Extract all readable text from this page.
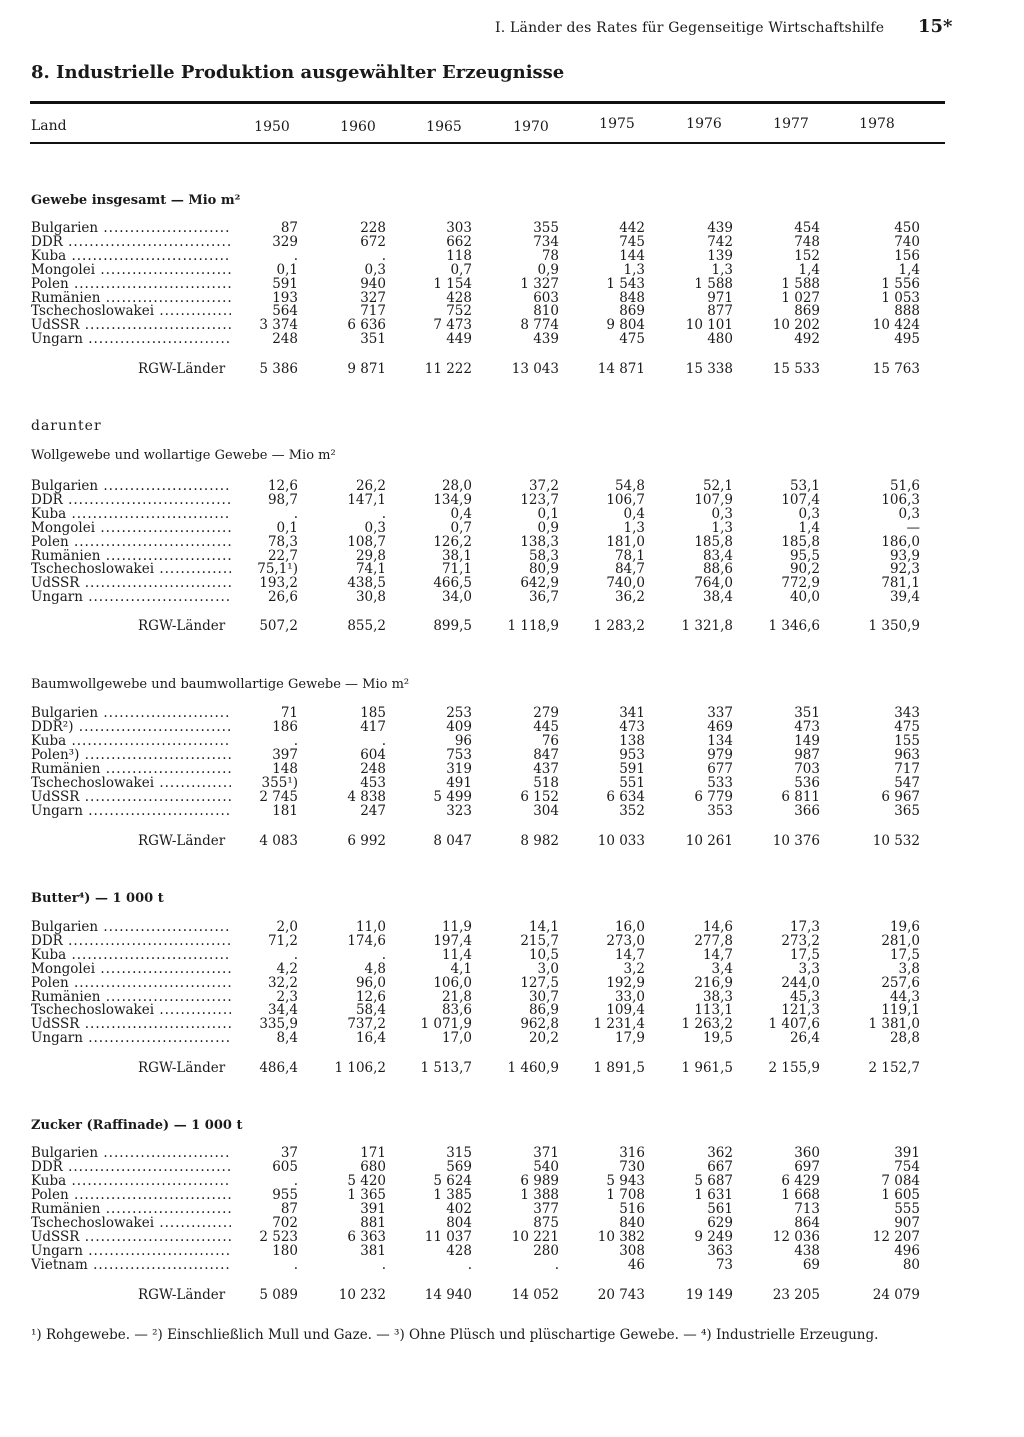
I. Länder des Rates für Gegenseitige Wirtschaftshilfe 15*
8. Industrielle Produktion ausgewählter Erzeugnisse
Land	1950	1960	1965	1970	1975	1976	1977	1978
Gewebe insgesamt — Mio m²
Bulgarien .....	87	228	303	355	442	439	454	450
DDR .....	329	672	662	734	745	742	748	740
Kuba .....	.	.	118	78	144	139	152	156
Mongolei .....	0,1	0,3	0,7	0,9	1,3	1,3	1,4	1,4
Polen .....	591	940	1 154	1 327	1 543	1 588	1 588	1 556
Rumänien .....	193	327	428	603	848	971	1 027	1 053
Tschechoslowakei .....	564	717	752	810	869	877	869	888
UdSSR .....	3 374	6 636	7 473	8 774	9 804	10 101	10 202	10 424
Ungarn .....	248	351	449	439	475	480	492	495
RGW-Länder	5 386	9 871	11 222	13 043	14 871	15 338	15 533	15 763
darunter
Wollgewebe und wollartige Gewebe — Mio m²
Bulgarien .....	12,6	26,2	28,0	37,2	54,8	52,1	53,1	51,6
DDR .....	98,7	147,1	134,9	123,7	106,7	107,9	107,4	106,3
Kuba .....	.	.	0,4	0,1	0,4	0,3	0,3	0,3
Mongolei .....	0,1	0,3	0,7	0,9	1,3	1,3	1,4	—
Polen .....	78,3	108,7	126,2	138,3	181,0	185,8	185,8	186,0
Rumänien .....	22,7	29,8	38,1	58,3	78,1	83,4	95,5	93,9
Tschechoslowakei .....	75,1¹)	74,1	71,1	80,9	84,7	88,6	90,2	92,3
UdSSR .....	193,2	438,5	466,5	642,9	740,0	764,0	772,9	781,1
Ungarn .....	26,6	30,8	34,0	36,7	36,2	38,4	40,0	39,4
RGW-Länder	507,2	855,2	899,5	1 118,9	1 283,2	1 321,8	1 346,6	1 350,9
Baumwollgewebe und baumwollartige Gewebe — Mio m²
Bulgarien .....	71	185	253	279	341	337	351	343
DDR²) .....	186	417	409	445	473	469	473	475
Kuba .....	.	.	96	76	138	134	149	155
Polen³) .....	397	604	753	847	953	979	987	963
Rumänien .....	148	248	319	437	591	677	703	717
Tschechoslowakei .....	355¹)	453	491	518	551	533	536	547
UdSSR .....	2 745	4 838	5 499	6 152	6 634	6 779	6 811	6 967
Ungarn .....	181	247	323	304	352	353	366	365
RGW-Länder	4 083	6 992	8 047	8 982	10 033	10 261	10 376	10 532
Butter⁴) — 1 000 t
Bulgarien .....	2,0	11,0	11,9	14,1	16,0	14,6	17,3	19,6
DDR .....	71,2	174,6	197,4	215,7	273,0	277,8	273,2	281,0
Kuba .....	.	.	11,4	10,5	14,7	14,7	17,5	17,5
Mongolei .....	4,2	4,8	4,1	3,0	3,2	3,4	3,3	3,8
Polen .....	32,2	96,0	106,0	127,5	192,9	216,9	244,0	257,6
Rumänien .....	2,3	12,6	21,8	30,7	33,0	38,3	45,3	44,3
Tschechoslowakei .....	34,4	58,4	83,6	86,9	109,4	113,1	121,3	119,1
UdSSR .....	335,9	737,2	1 071,9	962,8	1 231,4	1 263,2	1 407,6	1 381,0
Ungarn .....	8,4	16,4	17,0	20,2	17,9	19,5	26,4	28,8
RGW-Länder	486,4	1 106,2	1 513,7	1 460,9	1 891,5	1 961,5	2 155,9	2 152,7
Zucker (Raffinade) — 1 000 t
Bulgarien .....	37	171	315	371	316	362	360	391
DDR .....	605	680	569	540	730	667	697	754
Kuba .....	.	5 420	5 624	6 989	5 943	5 687	6 429	7 084
Polen .....	955	1 365	1 385	1 388	1 708	1 631	1 668	1 605
Rumänien .....	87	391	402	377	516	561	713	555
Tschechoslowakei .....	702	881	804	875	840	629	864	907
UdSSR .....	2 523	6 363	11 037	10 221	10 382	9 249	12 036	12 207
Ungarn .....	180	381	428	280	308	363	438	496
Vietnam .....	.	.	.	.	46	73	69	80
RGW-Länder	5 089	10 232	14 940	14 052	20 743	19 149	23 205	24 079
¹) Rohgewebe. — ²) Einschließlich Mull und Gaze. — ³) Ohne Plüsch und plüschartige Gewebe. — ⁴) Industrielle Erzeugung.
